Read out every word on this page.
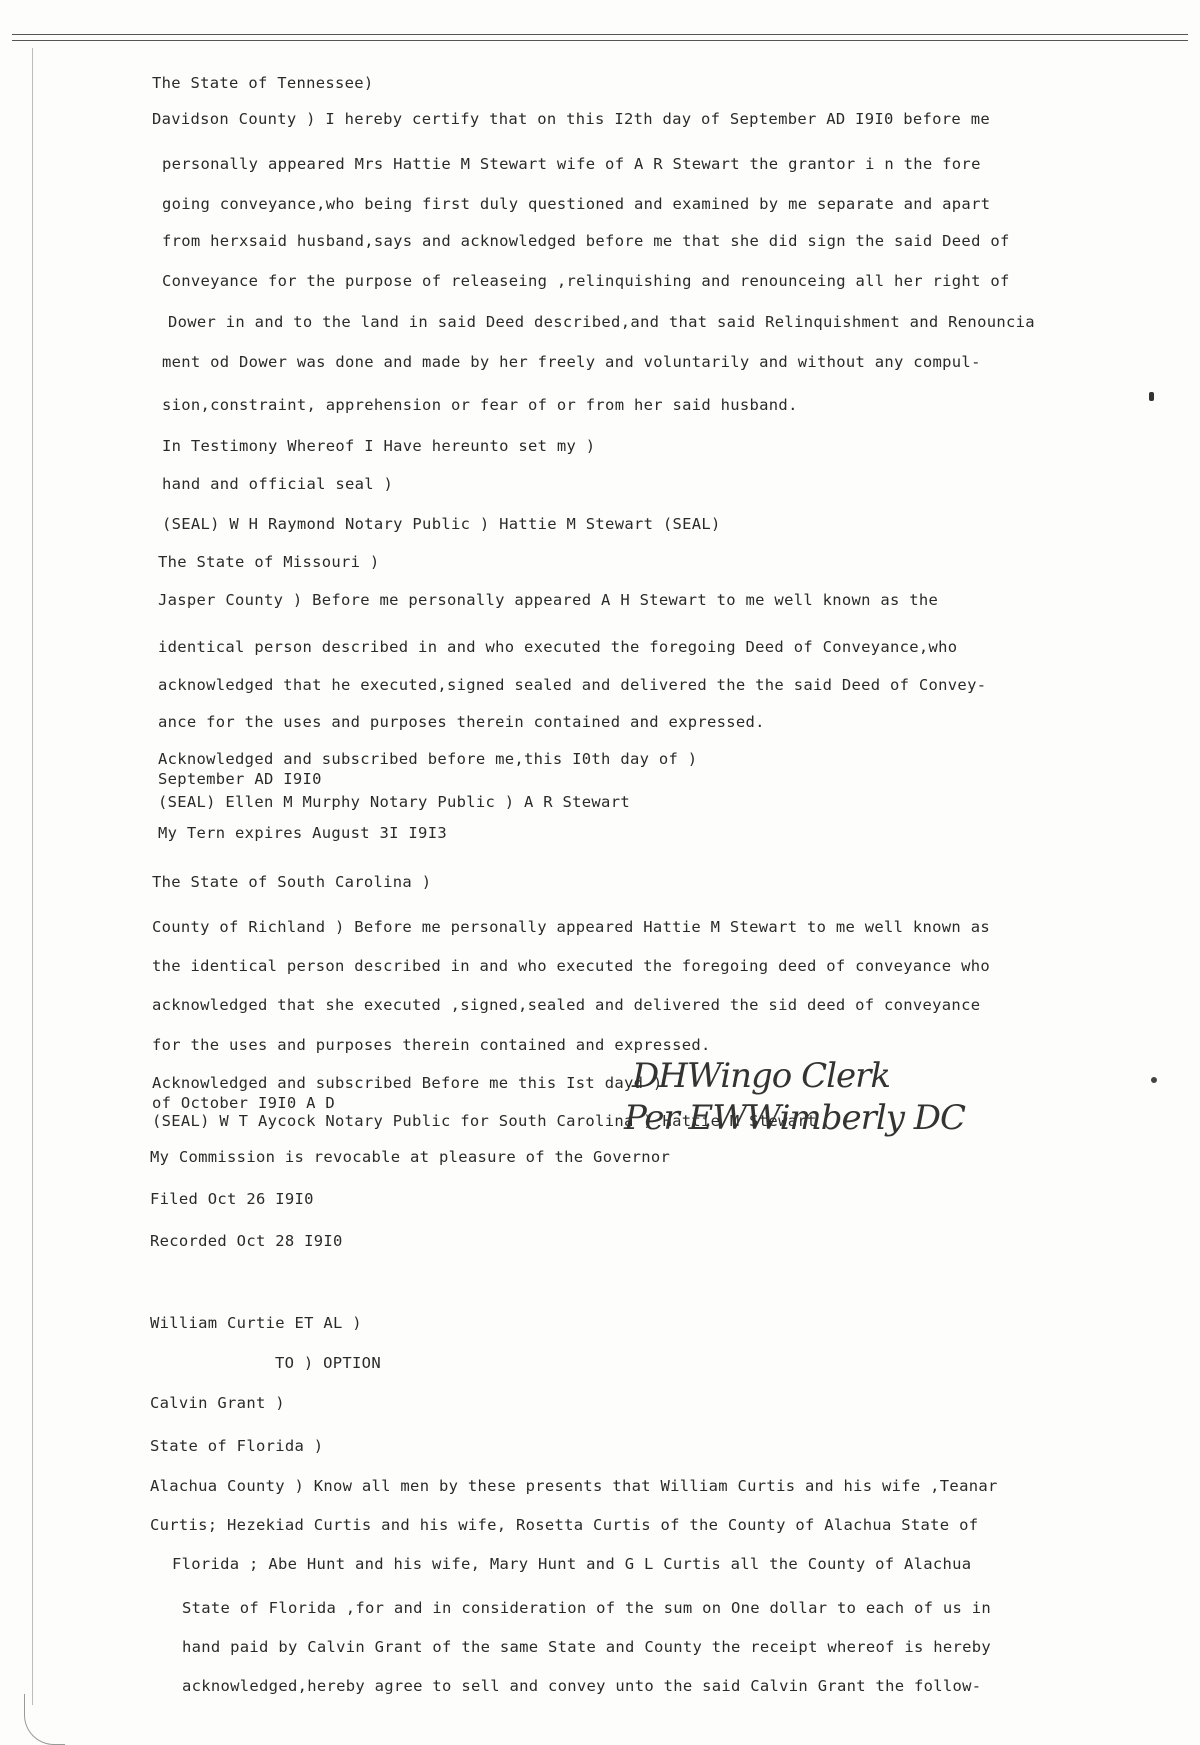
The State of Tennessee)
Davidson County ) I hereby certify that on this I2th day of September AD I9I0 before me
personally appeared Mrs Hattie M Stewart wife of A R Stewart the grantor i n the fore
going conveyance,who being first duly questioned and examined by me separate and apart
from herxsaid husband,says and acknowledged before me that she did sign the said Deed of
Conveyance for the purpose of releaseing ,relinquishing and renounceing all her right of
Dower in and to the land in said Deed described,and that said Relinquishment and Renouncia
ment od Dower was done and made by her freely and voluntarily and without any compul-
sion,constraint, apprehension or fear of or from her said husband.
In Testimony Whereof I Have hereunto set my )
hand and official seal )
(SEAL) W H Raymond Notary Public ) Hattie M Stewart (SEAL)
The State of Missouri )
Jasper County ) Before me personally appeared A H Stewart to me well known as the
identical person described in and who executed the foregoing Deed of Conveyance,who
acknowledged that he executed,signed sealed and delivered the the said Deed of Convey-
ance for the uses and purposes therein contained and expressed.
Acknowledged and subscribed before me,this I0th day of )
September AD I9I0
(SEAL) Ellen M Murphy Notary Public ) A R Stewart
My Tern expires August 3I I9I3
The State of South Carolina )
County of Richland ) Before me personally appeared Hattie M Stewart to me well known as
the identical person described in and who executed the foregoing deed of conveyance who
acknowledged that she executed ,signed,sealed and delivered the sid deed of conveyance
for the uses and purposes therein contained and expressed.
Acknowledged and subscribed Before me this Ist dayd )
of October I9I0 A D
(SEAL) W T Aycock Notary Public for South Carolina ) Hattie M Stewart
My Commission is revocable at pleasure of the Governor
Filed Oct 26 I9I0
Recorded Oct 28 I9I0
William Curtie ET AL )
TO ) OPTION
Calvin Grant )
State of Florida )
Alachua County ) Know all men by these presents that William Curtis and his wife ,Teanar
Curtis; Hezekiad Curtis and his wife, Rosetta Curtis of the County of Alachua State of
Florida ; Abe Hunt and his wife, Mary Hunt and G L Curtis all the County of Alachua
State of Florida ,for and in consideration of the sum on One dollar to each of us in
hand paid by Calvin Grant of the same State and County the receipt whereof is hereby
acknowledged,hereby agree to sell and convey unto the said Calvin Grant the follow-
DHWingo Clerk
Per EWWimberly DC
